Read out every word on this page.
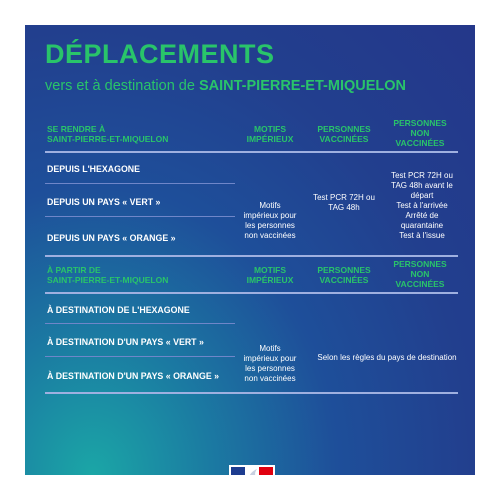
DÉPLACEMENTS
vers et à destination de SAINT-PIERRE-ET-MIQUELON
SE RENDRE À
SAINT-PIERRE-ET-MIQUELON
MOTIFS
IMPÉRIEUX
PERSONNES
VACCINÉES
PERSONNES
NON
VACCINÉES
DEPUIS L'HEXAGONE
DEPUIS UN PAYS « VERT »
DEPUIS UN PAYS « ORANGE »
Motifs
impérieux pour
les personnes
non vaccinées
Test PCR 72H ou
TAG 48h
Test PCR 72H ou
TAG 48h avant le
départ
Test à l'arrivée
Arrêté de
quarantaine
Test à l'issue
À PARTIR DE
SAINT-PIERRE-ET-MIQUELON
MOTIFS
IMPÉRIEUX
PERSONNES
VACCINÉES
PERSONNES
NON
VACCINÉES
À DESTINATION DE L'HEXAGONE
À DESTINATION D'UN PAYS « VERT »
À DESTINATION D'UN PAYS « ORANGE »
Motifs
impérieux pour
les personnes
non vaccinées
Selon les règles du pays de destination
